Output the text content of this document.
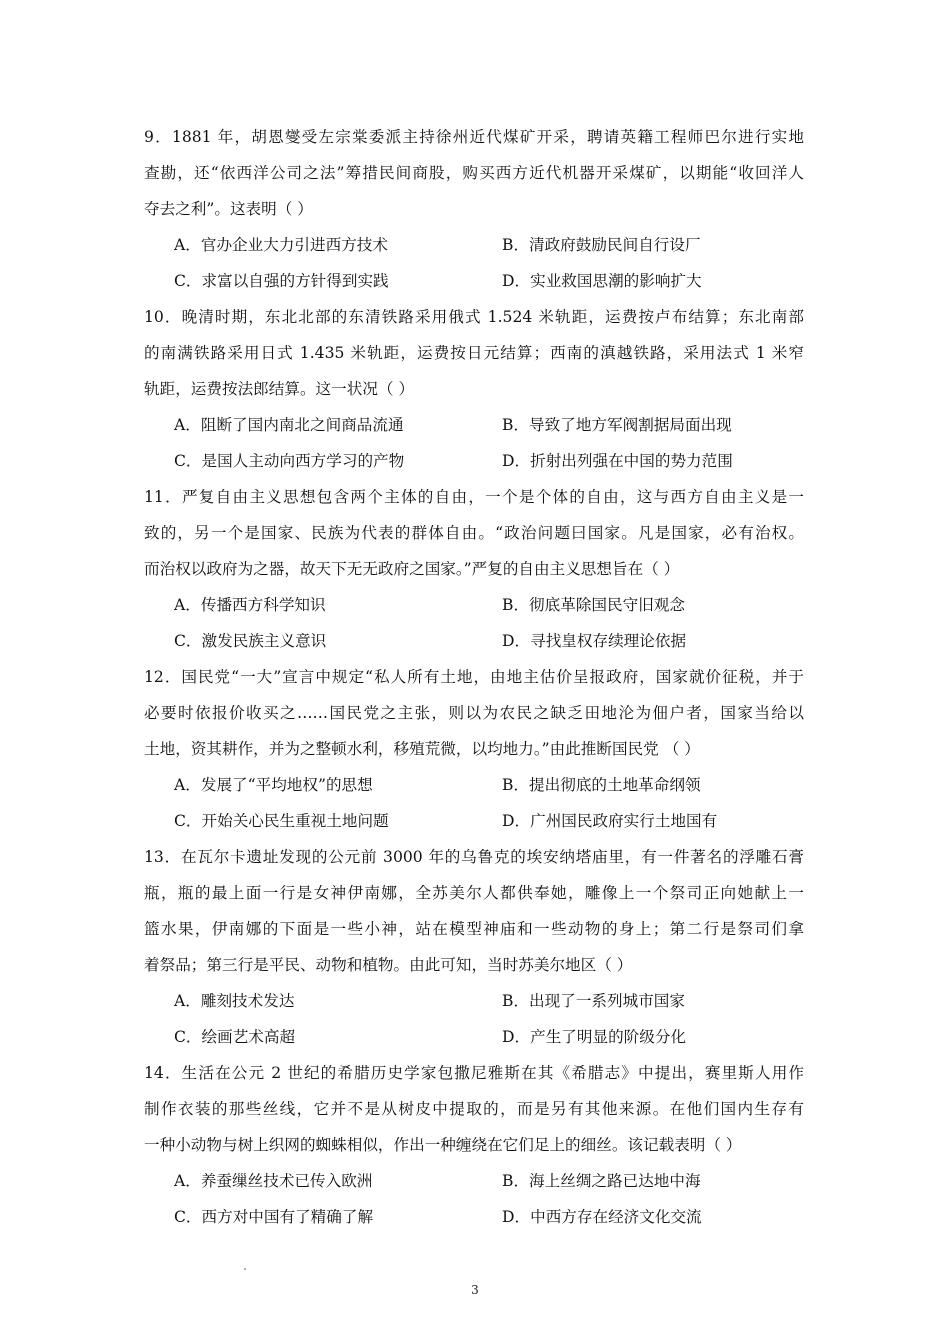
9．1881 年，胡恩燮受左宗棠委派主持徐州近代煤矿开采，聘请英籍工程师巴尔进行实地
查勘，还“依西洋公司之法”筹措民间商股，购买西方近代机器开采煤矿，以期能“收回洋人
夺去之利”。这表明（ ）
A．官办企业大力引进西方技术	B．清政府鼓励民间自行设厂
C．求富以自强的方针得到实践	D．实业救国思潮的影响扩大
10．晚清时期，东北北部的东清铁路采用俄式 1.524 米轨距，运费按卢布结算；东北南部
的南满铁路采用日式 1.435 米轨距，运费按日元结算；西南的滇越铁路，采用法式 1 米窄
轨距，运费按法郎结算。这一状况（ ）
A．阻断了国内南北之间商品流通	B．导致了地方军阀割据局面出现
C．是国人主动向西方学习的产物	D．折射出列强在中国的势力范围
11．严复自由主义思想包含两个主体的自由，一个是个体的自由，这与西方自由主义是一
致的，另一个是国家、民族为代表的群体自由。“政治问题曰国家。凡是国家，必有治权。
而治权以政府为之器，故天下无无政府之国家。”严复的自由主义思想旨在（ ）
A．传播西方科学知识	B．彻底革除国民守旧观念
C．激发民族主义意识	D．寻找皇权存续理论依据
12．国民党“一大”宣言中规定“私人所有土地，由地主估价呈报政府，国家就价征税，并于
必要时依报价收买之……国民党之主张，则以为农民之缺乏田地沦为佃户者，国家当给以
土地，资其耕作，并为之整顿水利，移殖荒微，以均地力。”由此推断国民党 （ ）
A．发展了“平均地权”的思想	B．提出彻底的土地革命纲领
C．开始关心民生重视土地问题	D．广州国民政府实行土地国有
13．在瓦尔卡遗址发现的公元前 3000 年的乌鲁克的埃安纳塔庙里，有一件著名的浮雕石膏
瓶，瓶的最上面一行是女神伊南娜，全苏美尔人都供奉她，雕像上一个祭司正向她献上一
篮水果，伊南娜的下面是一些小神，站在模型神庙和一些动物的身上；第二行是祭司们拿
着祭品；第三行是平民、动物和植物。由此可知，当时苏美尔地区（ ）
A．雕刻技术发达	B．出现了一系列城市国家
C．绘画艺术高超	D．产生了明显的阶级分化
14．生活在公元 2 世纪的希腊历史学家包撒尼雅斯在其《希腊志》中提出，赛里斯人用作
制作衣装的那些丝线，它并不是从树皮中提取的，而是另有其他来源。在他们国内生存有
一种小动物与树上织网的蜘蛛相似，作出一种缠绕在它们足上的细丝。该记载表明（ ）
A．养蚕缫丝技术已传入欧洲	B．海上丝绸之路已达地中海
C．西方对中国有了精确了解	D．中西方存在经济文化交流
3
